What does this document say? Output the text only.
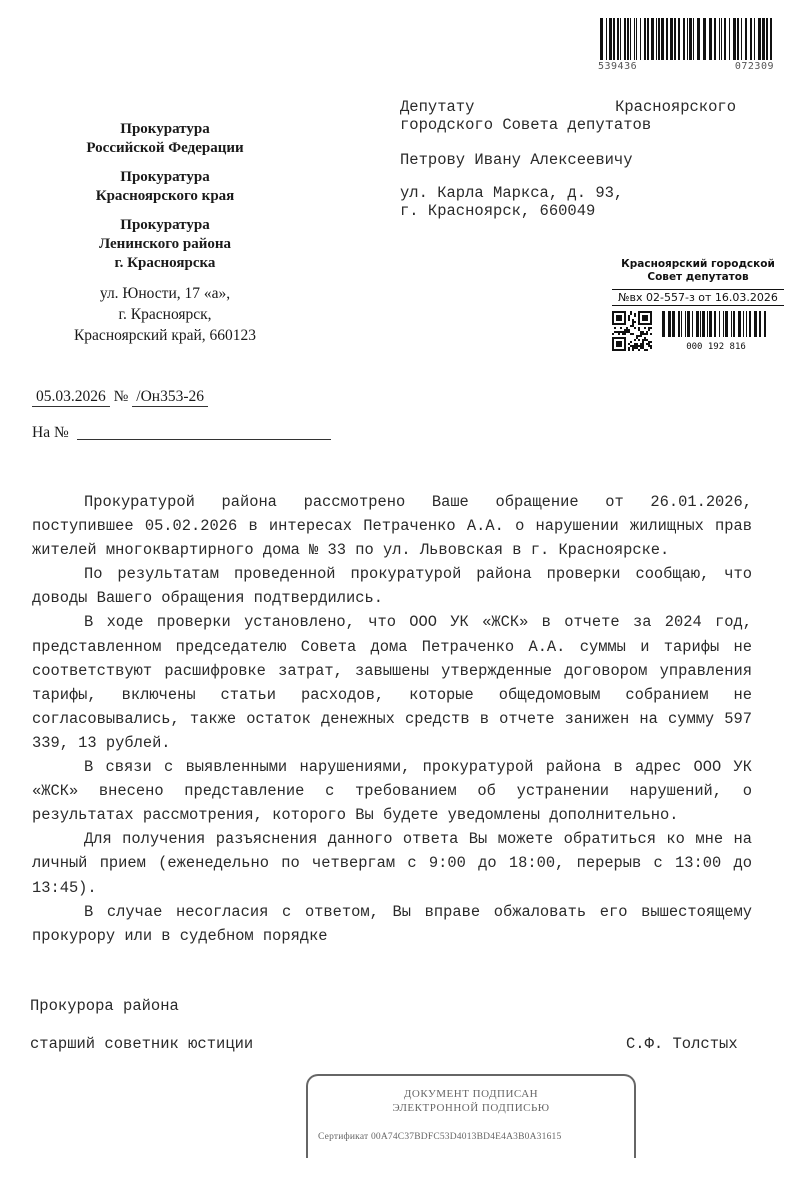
539436	072309
Прокуратура
Российской Федерации
Прокуратура
Красноярского края
Прокуратура
Ленинского района
г. Красноярска
ул. Юности, 17 «а»,
г. Красноярск,
Красноярский край, 660123
05.03.2026 № /Он353-26
На №
Депутату	Красноярского
городского Совета депутатов
Петрову Ивану Алексеевичу
ул. Карла Маркса, д. 93,
г. Красноярск, 660049
Красноярский городской
Совет депутатов
№вх 02-557-з от 16.03.2026
000 192 816

Прокуратурой района рассмотрено Ваше обращение от 26.01.2026, поступившее 05.02.2026 в интересах Петраченко А.А. о нарушении жилищных прав жителей многоквартирного дома № 33 по ул. Львовская в г. Красноярске.

По результатам проведенной прокуратурой района проверки сообщаю, что доводы Вашего обращения подтвердились.

В ходе проверки установлено, что ООО УК «ЖСК» в отчете за 2024 год, представленном председателю Совета дома Петраченко А.А. суммы и тарифы не соответствуют расшифровке затрат, завышены утвержденные договором управления тарифы, включены статьи расходов, которые общедомовым собранием не согласовывались, также остаток денежных средств в отчете занижен на сумму 597 339, 13 рублей.

В связи с выявленными нарушениями, прокуратурой района в адрес ООО УК «ЖСК» внесено представление с требованием об устранении нарушений, о результатах рассмотрения, которого Вы будете уведомлены дополнительно.

Для получения разъяснения данного ответа Вы можете обратиться ко мне на личный прием (еженедельно по четвергам с 9:00 до 18:00, перерыв с 13:00 до 13:45).

В случае несогласия с ответом, Вы вправе обжаловать его вышестоящему прокурору или в судебном порядке

Прокурора района
старший советник юстиции	С.Ф. Толстых
ДОКУМЕНТ ПОДПИСАН
ЭЛЕКТРОННОЙ ПОДПИСЬЮ
Сертификат 00A74C37BDFC53D4013BD4E4A3B0A31615
